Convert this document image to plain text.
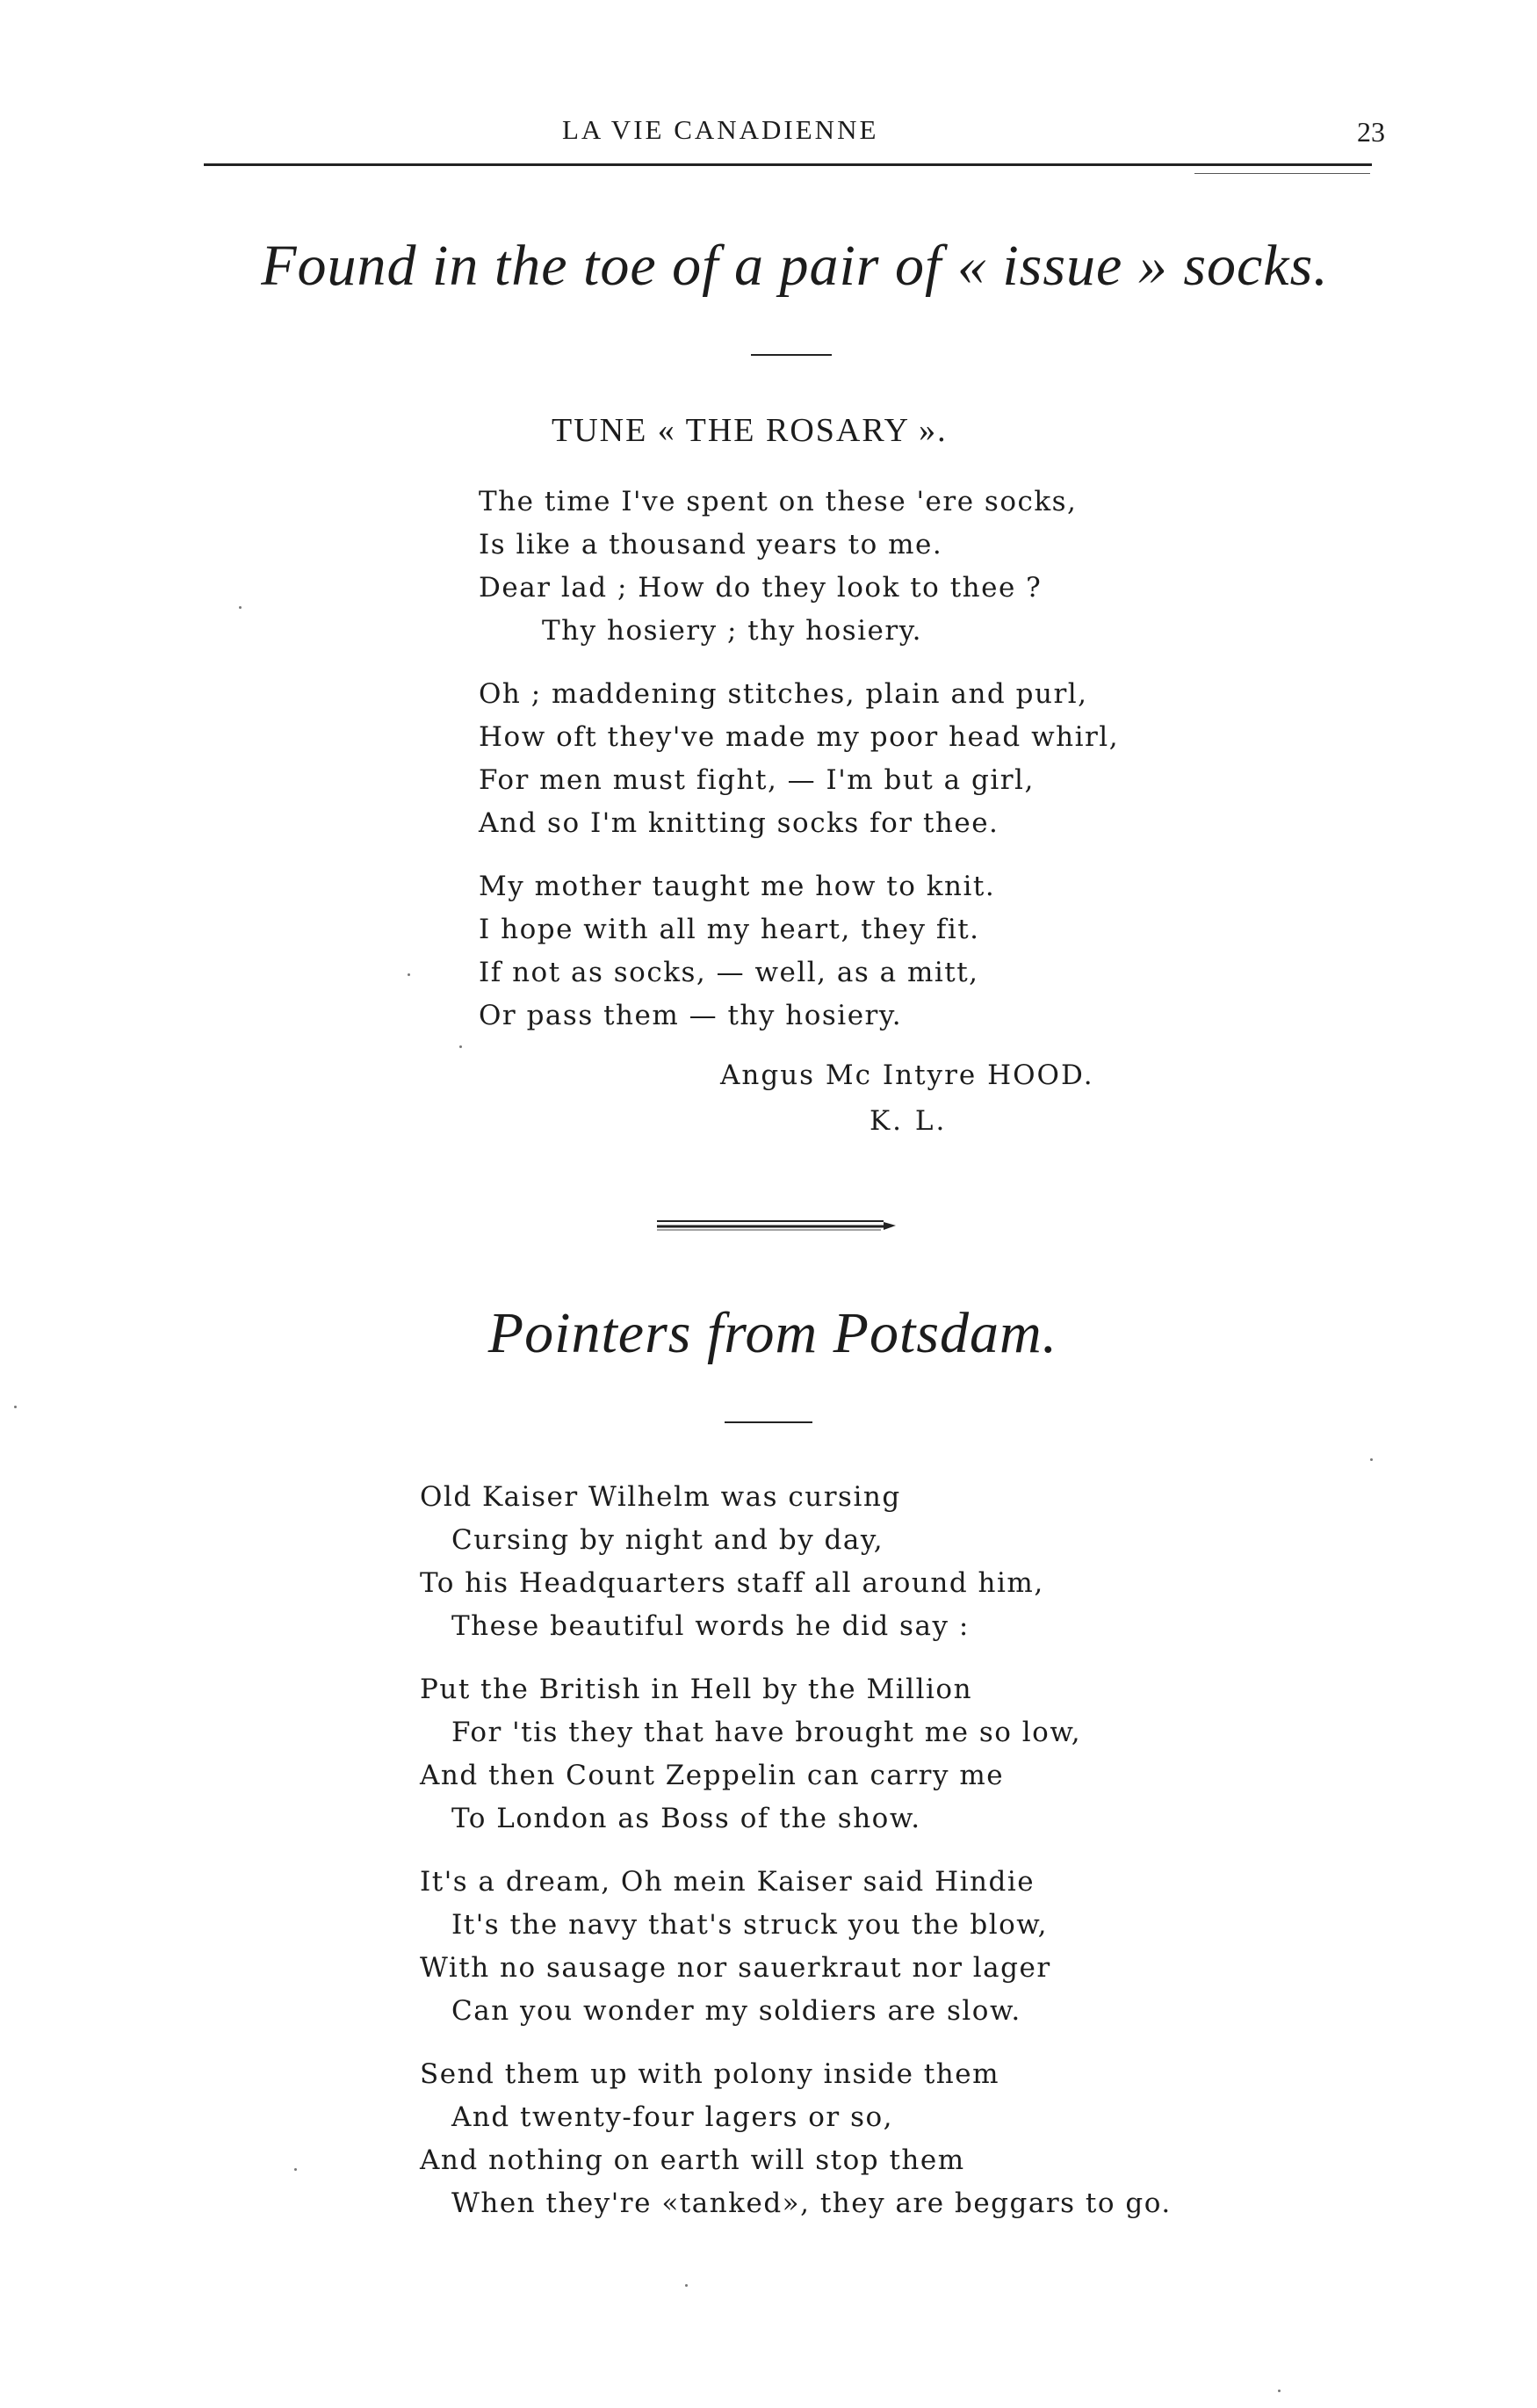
LA VIE CANADIENNE	23
Found in the toe of a pair of « issue » socks.
TUNE « THE ROSARY ».
The time I've spent on these 'ere socks,
Is like a thousand years to me.
Dear lad ; How do they look to thee ?
Thy hosiery ; thy hosiery.
Oh ; maddening stitches, plain and purl,
How oft they've made my poor head whirl,
For men must fight, — I'm but a girl,
And so I'm knitting socks for thee.
My mother taught me how to knit.
I hope with all my heart, they fit.
If not as socks, — well, as a mitt,
Or pass them — thy hosiery.
Angus Mc Intyre HOOD.
K. L.
Pointers from Potsdam.
Old Kaiser Wilhelm was cursing
Cursing by night and by day,
To his Headquarters staff all around him,
These beautiful words he did say :
Put the British in Hell by the Million
For 'tis they that have brought me so low,
And then Count Zeppelin can carry me
To London as Boss of the show.
It's a dream, Oh mein Kaiser said Hindie
It's the navy that's struck you the blow,
With no sausage nor sauerkraut nor lager
Can you wonder my soldiers are slow.
Send them up with polony inside them
And twenty-four lagers or so,
And nothing on earth will stop them
When they're «tanked», they are beggars to go.
